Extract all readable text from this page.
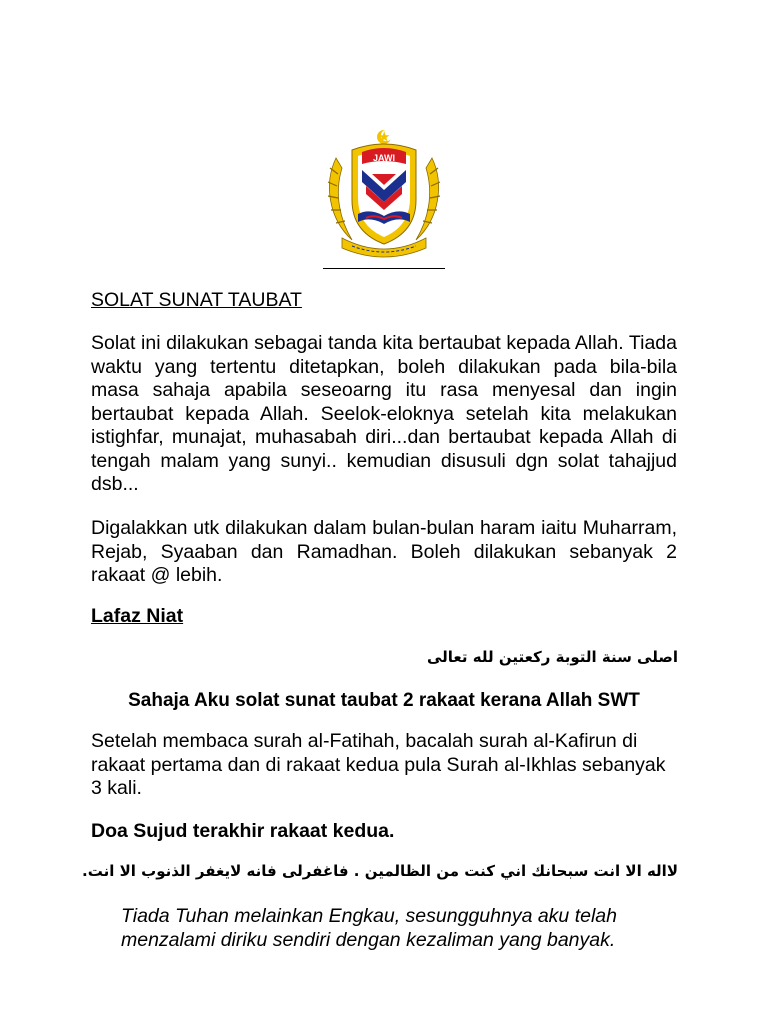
JAWI
SOLAT SUNAT TAUBAT

Solat ini dilakukan sebagai tanda kita bertaubat kepada Allah. Tiada waktu yang tertentu ditetapkan, boleh dilakukan pada bila-bila masa sahaja apabila seseoarng itu rasa menyesal dan ingin bertaubat kepada Allah. Seelok-eloknya setelah kita melakukan istighfar, munajat, muhasabah diri...dan bertaubat kepada Allah di tengah malam yang sunyi.. kemudian disusuli dgn solat tahajjud dsb...

Digalakkan utk dilakukan dalam bulan-bulan haram iaitu Muharram, Rejab, Syaaban dan Ramadhan. Boleh dilakukan sebanyak 2 rakaat @ lebih.

Lafaz Niat

اصلى سنة التوبة ركعتين لله تعالى

Sahaja Aku solat sunat taubat 2 rakaat kerana Allah SWT

Setelah membaca surah al-Fatihah, bacalah surah al-Kafirun di rakaat pertama dan di rakaat kedua pula Surah al-Ikhlas sebanyak 3 kali.

Doa Sujud terakhir rakaat kedua.

لااله الا انت سبحانك اني كنت من الظالمين . فاغفرلى فانه لايغفر الذنوب الا انت.

Tiada Tuhan melainkan Engkau, sesungguhnya aku telah menzalami diriku sendiri dengan kezaliman yang banyak.
